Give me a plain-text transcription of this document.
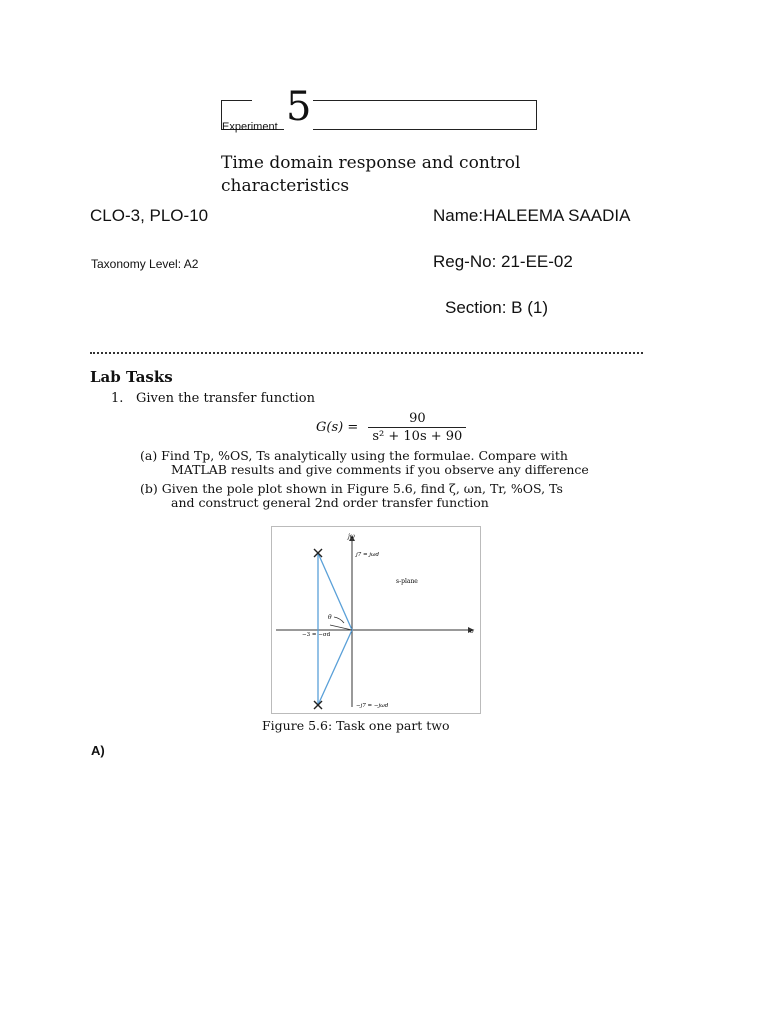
Experiment 5
Time domain response and control characteristics
CLO-3, PLO-10	Name:HALEEMA SAADIA
Taxonomy Level: A2	Reg-No: 21-EE-02
Section: B (1)
Lab Tasks
1. Given the transfer function
$G(s) = \frac{90}{\text{s² + 10s + 90}}$
(a) Find Tp, %OS, Ts analytically using the formulae. Compare with
MATLAB results and give comments if you observe any difference
(b) Given the pole plot shown in Figure 5.6, find ζ, ωn, Tr, %OS, Ts
and construct general 2nd order transfer function
jω
σ
s-plane
j7 = jωd
−j7 = −jωd
−3 = −σd
θ
Figure 5.6: Task one part two
A)
